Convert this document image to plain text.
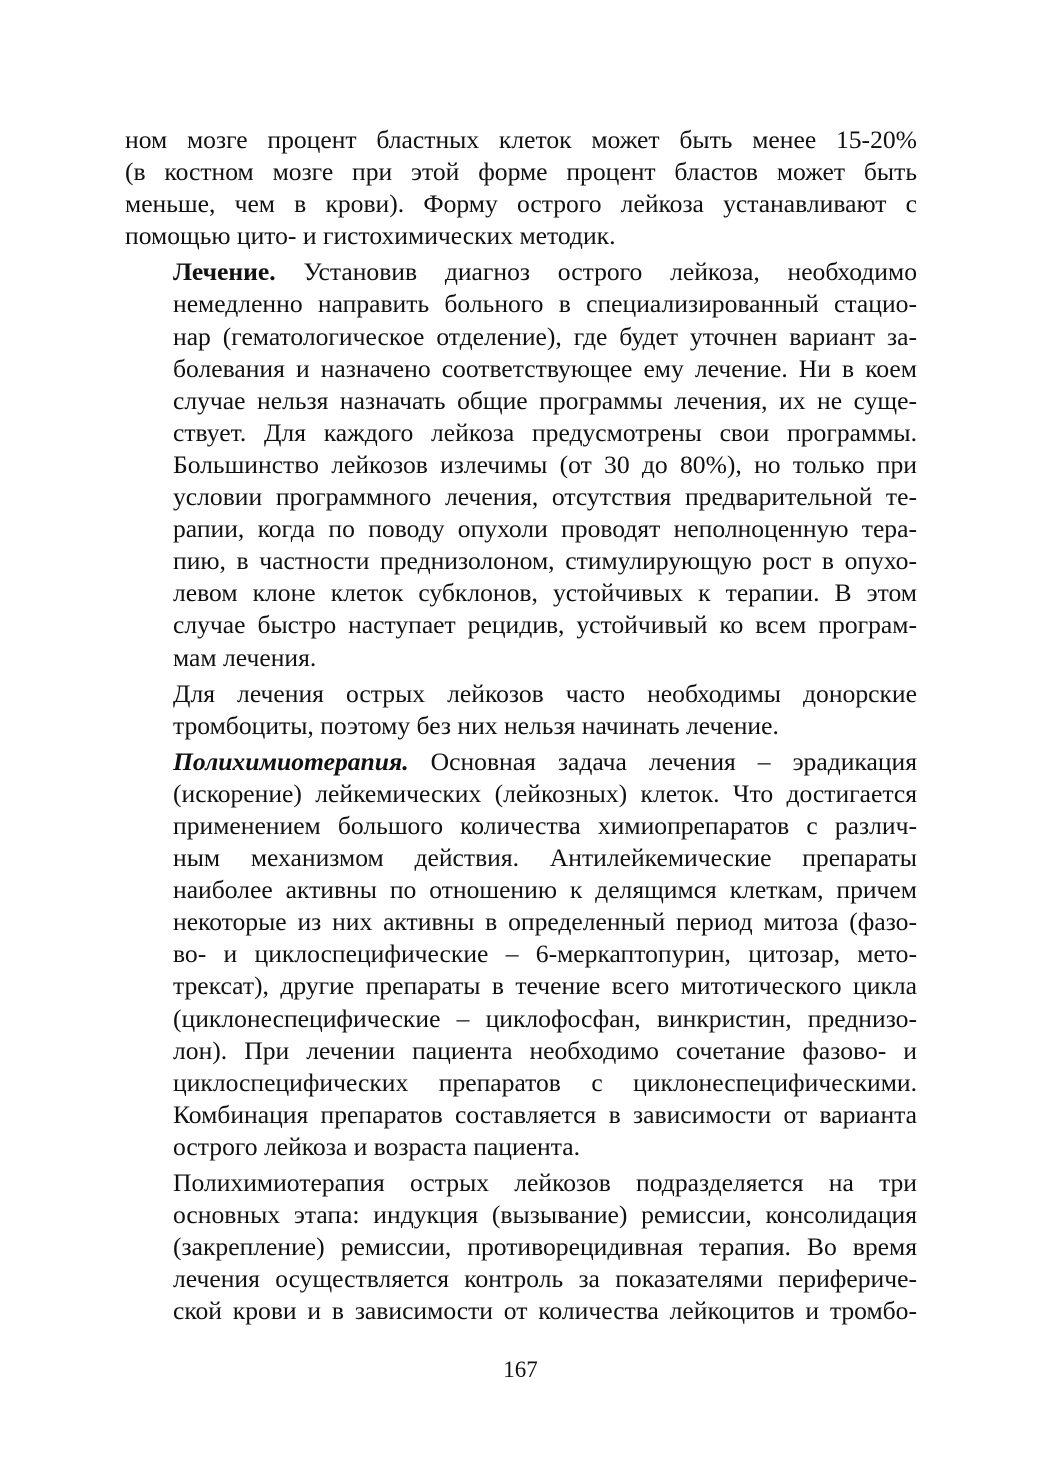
ном мозге процент бластных клеток может быть менее 15-20%
(в костном мозге при этой форме процент бластов может быть
меньше, чем в крови). Форму острого лейкоза устанавливают с
помощью цито- и гистохимических методик.

Лечение. Установив диагноз острого лейкоза, необходимо
немедленно направить больного в специализированный стацио-
нар (гематологическое отделение), где будет уточнен вариант за-
болевания и назначено соответствующее ему лечение. Ни в коем
случае нельзя назначать общие программы лечения, их не суще-
ствует. Для каждого лейкоза предусмотрены свои программы.
Большинство лейкозов излечимы (от 30 до 80%), но только при
условии программного лечения, отсутствия предварительной те-
рапии, когда по поводу опухоли проводят неполноценную тера-
пию, в частности преднизолоном, стимулирующую рост в опухо-
левом клоне клеток субклонов, устойчивых к терапии. В этом
случае быстро наступает рецидив, устойчивый ко всем програм-
мам лечения.

Для лечения острых лейкозов часто необходимы донорские
тромбоциты, поэтому без них нельзя начинать лечение.

Полихимиотерапия. Основная задача лечения – эрадикация
(искорение) лейкемических (лейкозных) клеток. Что достигается
применением большого количества химиопрепаратов с различ-
ным механизмом действия. Антилейкемические препараты
наиболее активны по отношению к делящимся клеткам, причем
некоторые из них активны в определенный период митоза (фазо-
во- и циклоспецифические – 6-меркаптопурин, цитозар, мето-
трексат), другие препараты в течение всего митотического цикла
(циклонеспецифические – циклофосфан, винкристин, преднизо-
лон). При лечении пациента необходимо сочетание фазово- и
циклоспецифических препаратов с циклонеспецифическими.
Комбинация препаратов составляется в зависимости от варианта
острого лейкоза и возраста пациента.

Полихимиотерапия острых лейкозов подразделяется на три
основных этапа: индукция (вызывание) ремиссии, консолидация
(закрепление) ремиссии, противорецидивная терапия. Во время
лечения осуществляется контроль за показателями перифериче-
ской крови и в зависимости от количества лейкоцитов и тромбо-

167
